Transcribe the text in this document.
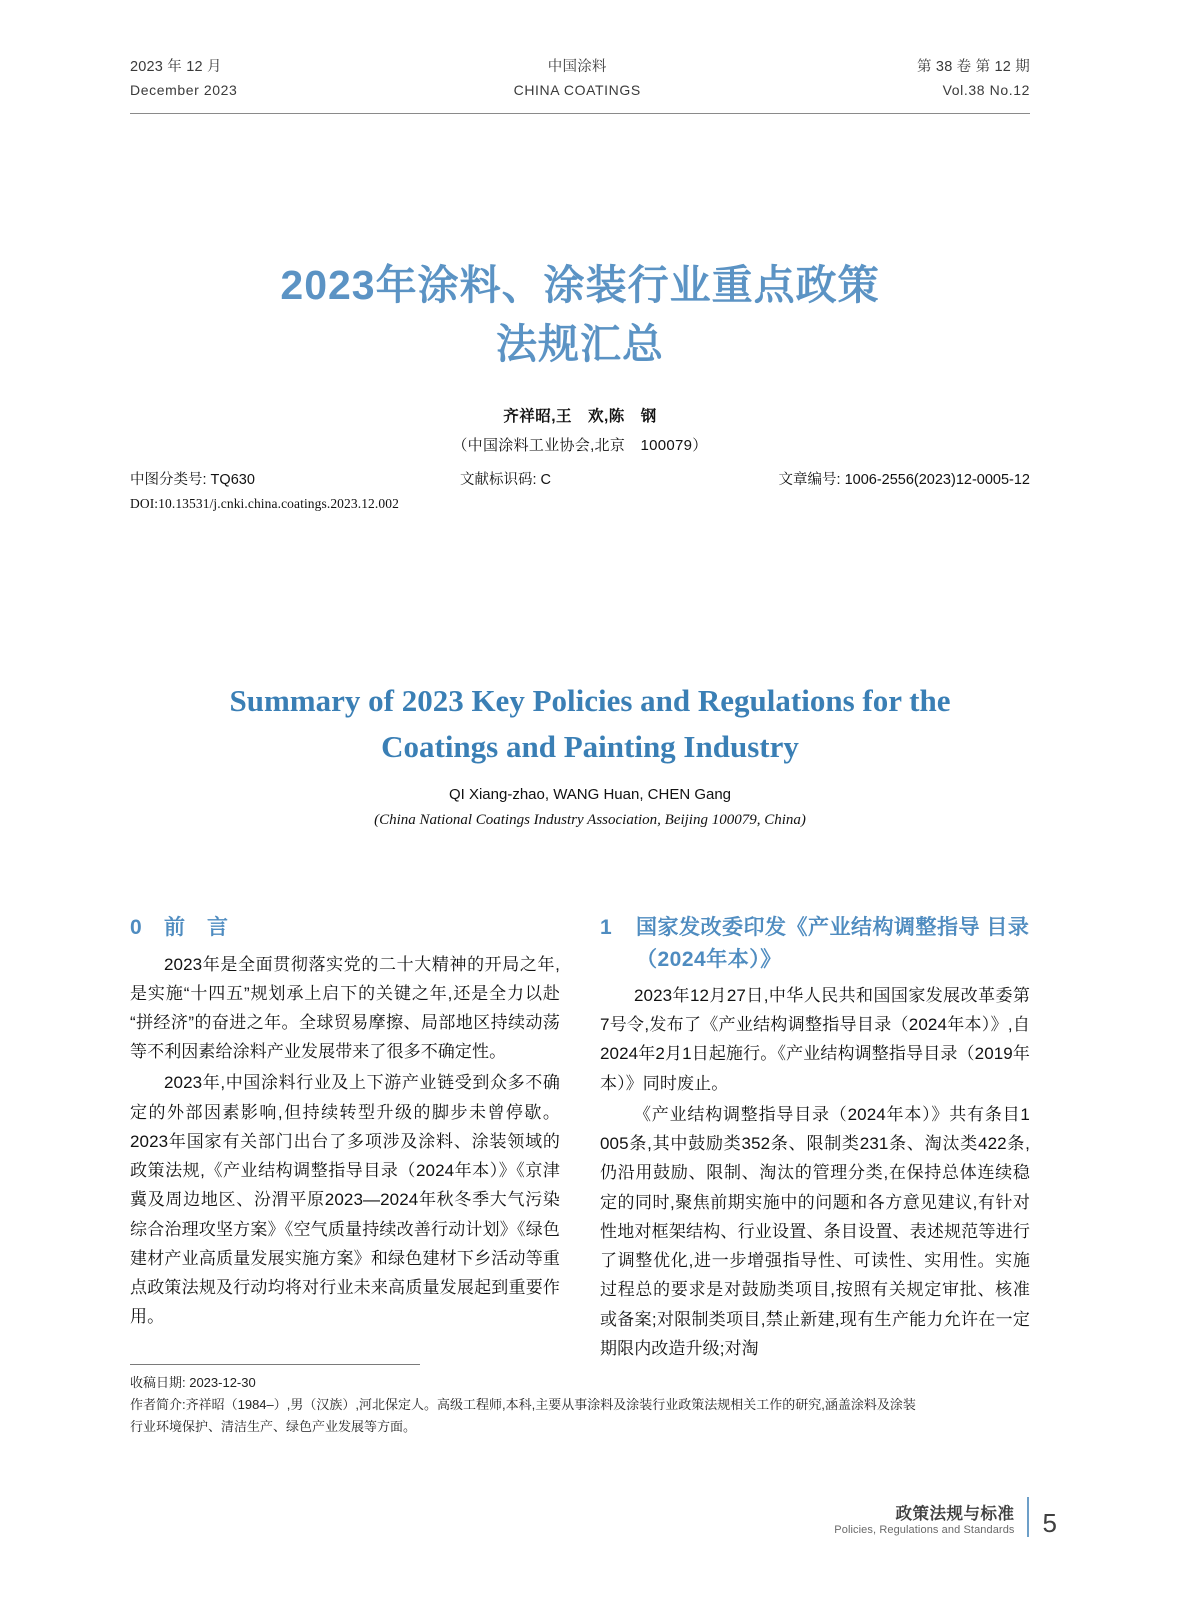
2023 年 12 月
December 2023
中国涂料
CHINA COATINGS
第 38 卷 第 12 期
Vol.38 No.12
2023年涂料、涂装行业重点政策
法规汇总
齐祥昭,王　欢,陈　钢
（中国涂料工业协会,北京　100079）
中图分类号: TQ630	文献标识码: C	文章编号: 1006-2556(2023)12-0005-12
DOI:10.13531/j.cnki.china.coatings.2023.12.002
Summary of 2023 Key Policies and Regulations for the
Coatings and Painting Industry
QI Xiang-zhao, WANG Huan, CHEN Gang
(China National Coatings Industry Association, Beijing 100079, China)
0	前　言

2023年是全面贯彻落实党的二十大精神的开局之年,是实施“十四五”规划承上启下的关键之年,还是全力以赴“拼经济”的奋进之年。全球贸易摩擦、局部地区持续动荡等不利因素给涂料产业发展带来了很多不确定性。

2023年,中国涂料行业及上下游产业链受到众多不确定的外部因素影响,但持续转型升级的脚步未曾停歇。2023年国家有关部门出台了多项涉及涂料、涂装领域的政策法规,《产业结构调整指导目录（2024年本）》《京津冀及周边地区、汾渭平原2023—2024年秋冬季大气污染综合治理攻坚方案》《空气质量持续改善行动计划》《绿色建材产业高质量发展实施方案》和绿色建材下乡活动等重点政策法规及行动均将对行业未来高质量发展起到重要作用。

1	国家发改委印发《产业结构调整指导 目录（2024年本）》

2023年12月27日,中华人民共和国国家发展改革委第7号令,发布了《产业结构调整指导目录（2024年本）》,自2024年2月1日起施行。《产业结构调整指导目录（2019年本）》同时废止。

《产业结构调整指导目录（2024年本）》共有条目1 005条,其中鼓励类352条、限制类231条、淘汰类422条,仍沿用鼓励、限制、淘汰的管理分类,在保持总体连续稳定的同时,聚焦前期实施中的问题和各方意见建议,有针对性地对框架结构、行业设置、条目设置、表述规范等进行了调整优化,进一步增强指导性、可读性、实用性。实施过程总的要求是对鼓励类项目,按照有关规定审批、核准或备案;对限制类项目,禁止新建,现有生产能力允许在一定期限内改造升级;对淘

收稿日期: 2023-12-30
作者简介:齐祥昭（1984–）,男（汉族）,河北保定人。高级工程师,本科,主要从事涂料及涂装行业政策法规相关工作的研究,涵盖涂料及涂装
行业环境保护、清洁生产、绿色产业发展等方面。
政策法规与标准
Policies, Regulations and Standards 5
